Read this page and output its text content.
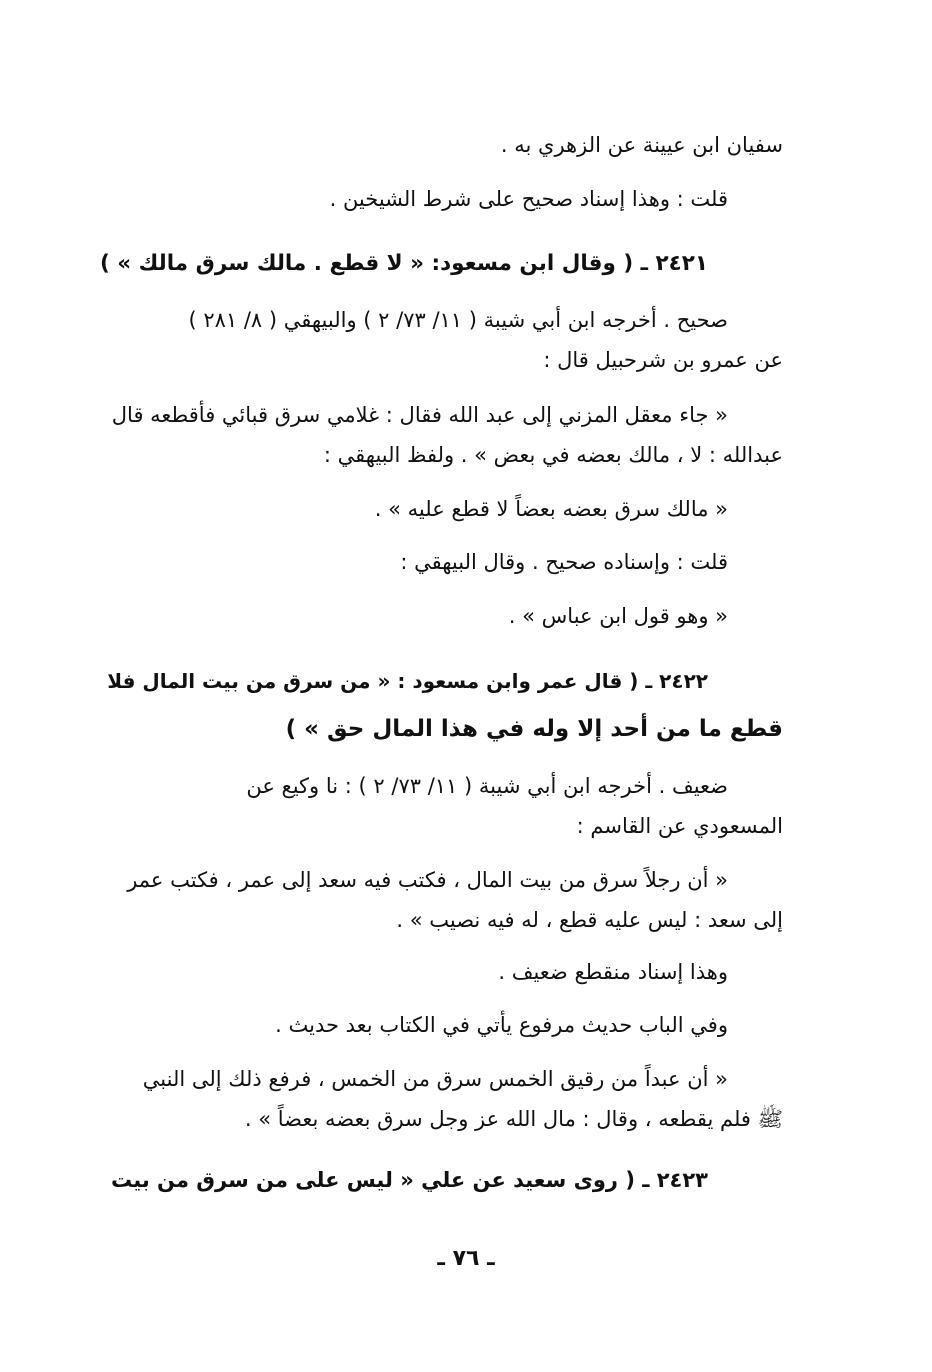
سفيان ابن عيينة عن الزهري به .
قلت : وهذا إسناد صحيح على شرط الشيخين .
٢٤٢١ ـ ( وقال ابن مسعود: « لا قطع . مالك سرق مالك » )
صحيح . أخرجه ابن أبي شيبة ( ١١/ ٧٣/ ٢ ) والبيهقي ( ٨/ ٢٨١ )
عن عمرو بن شرحبيل قال :
« جاء معقل المزني إلى عبد الله فقال : غلامي سرق قبائي فأقطعه قال
عبدالله : لا ، مالك بعضه في بعض » . ولفظ البيهقي :
« مالك سرق بعضه بعضاً لا قطع عليه » .
قلت : وإسناده صحيح . وقال البيهقي :
« وهو قول ابن عباس » .
٢٤٢٢ ـ ( قال عمر وابن مسعود : « من سرق من بيت المال فلا
قطع ما من أحد إلا وله في هذا المال حق » )
ضعيف . أخرجه ابن أبي شيبة ( ١١/ ٧٣/ ٢ ) : نا وكيع عن
المسعودي عن القاسم :
« أن رجلاً سرق من بيت المال ، فكتب فيه سعد إلى عمر ، فكتب عمر
إلى سعد : ليس عليه قطع ، له فيه نصيب » .
وهذا إسناد منقطع ضعيف .
وفي الباب حديث مرفوع يأتي في الكتاب بعد حديث .
« أن عبداً من رقيق الخمس سرق من الخمس ، فرفع ذلك إلى النبي
ﷺ فلم يقطعه ، وقال : مال الله عز وجل سرق بعضه بعضاً » .
٢٤٢٣ ـ ( روى سعيد عن علي « ليس على من سرق من بيت
ـ ٧٦ ـ
